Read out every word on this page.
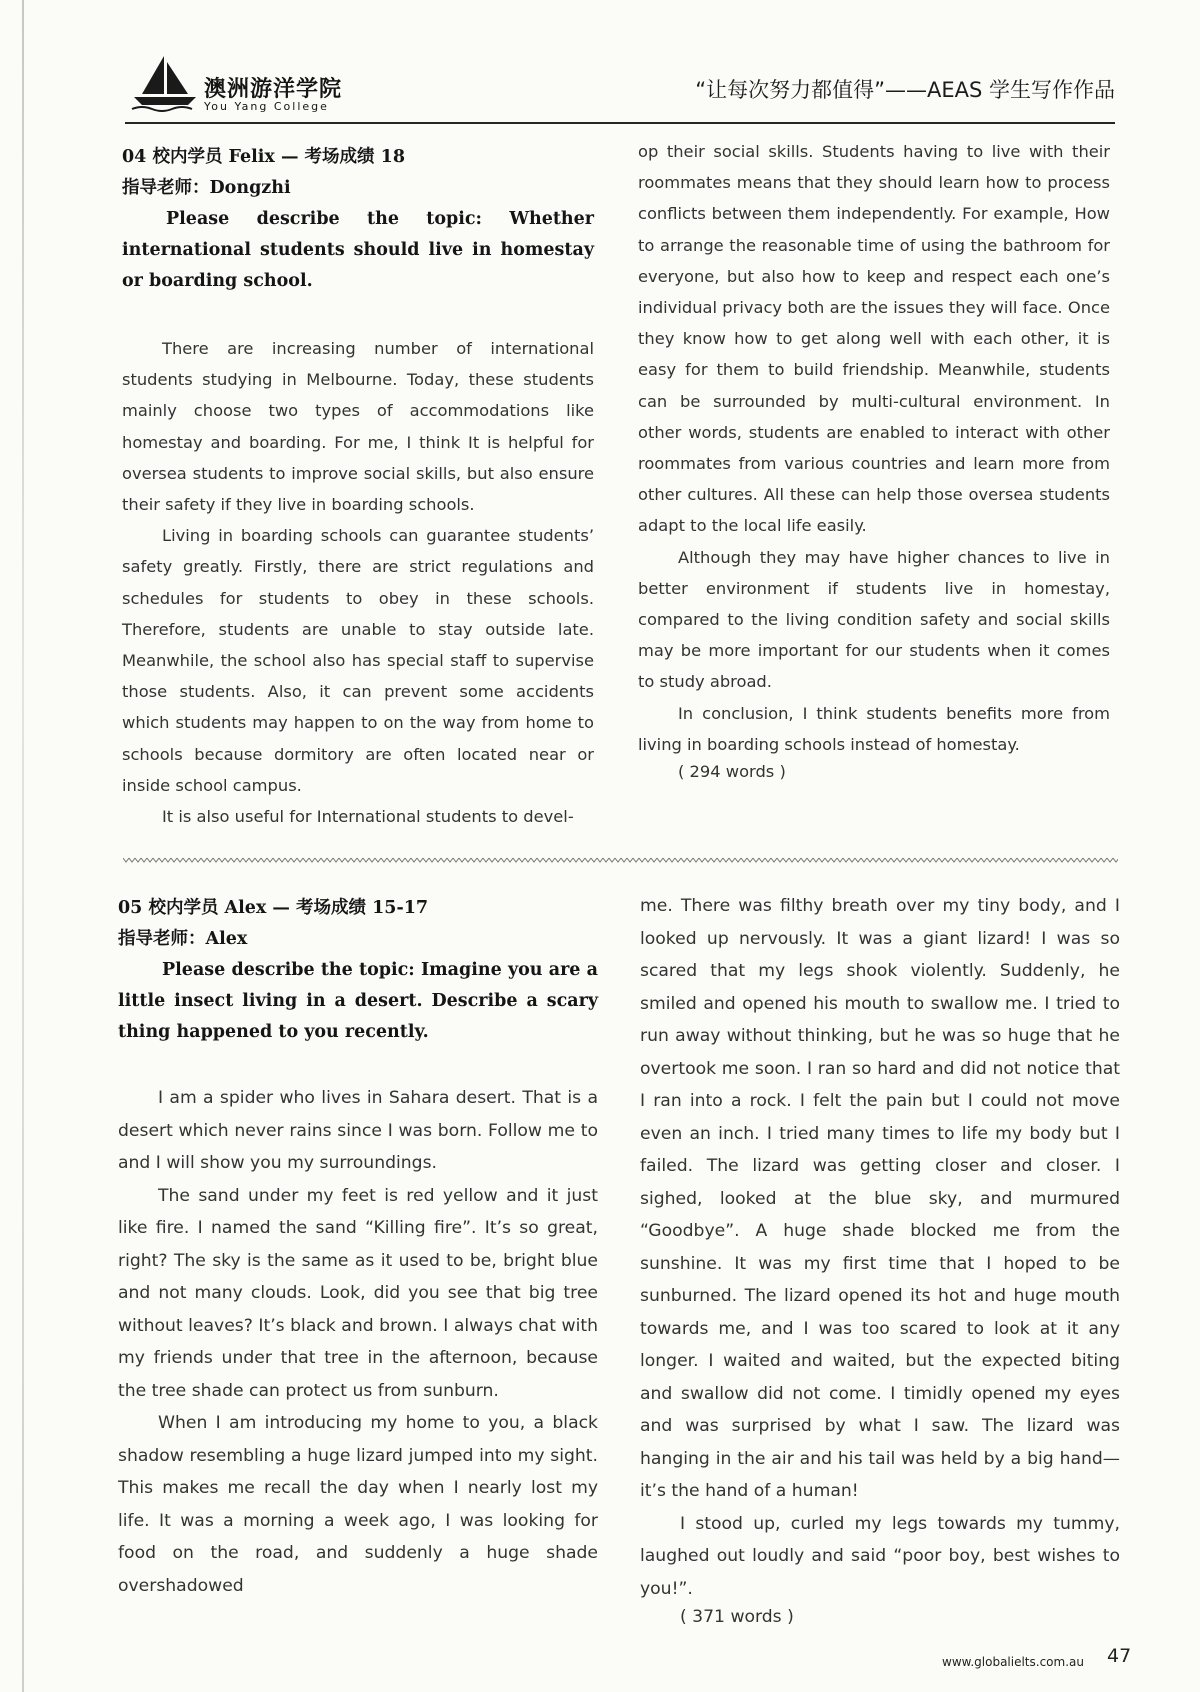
澳洲游洋学院
You Yang College
“让每次努力都值得”——AEAS 学生写作作品
04 校内学员 Felix — 考场成绩 18
指导老师：Dongzhi
Please describe the topic: Whether international students should live in homestay or boarding school.

There are increasing number of international students studying in Melbourne. Today, these students mainly choose two types of accommodations like homestay and boarding. For me, I think It is helpful for oversea students to improve social skills, but also ensure their safety if they live in boarding schools.

Living in boarding schools can guarantee students’ safety greatly. Firstly, there are strict regulations and schedules for students to obey in these schools. Therefore, students are unable to stay outside late. Meanwhile, the school also has special staff to supervise those students. Also, it can prevent some accidents which students may happen to on the way from home to schools because dormitory are often located near or inside school campus.

It is also useful for International students to devel-

op their social skills. Students having to live with their roommates means that they should learn how to process conflicts between them independently. For example, How to arrange the reasonable time of using the bathroom for everyone, but also how to keep and respect each one’s individual privacy both are the issues they will face. Once they know how to get along well with each other, it is easy for them to build friendship. Meanwhile, students can be surrounded by multi-cultural environment. In other words, students are enabled to interact with other roommates from various countries and learn more from other cultures. All these can help those oversea students adapt to the local life easily.

Although they may have higher chances to live in better environment if students live in homestay, compared to the living condition safety and social skills may be more important for our students when it comes to study abroad.

In conclusion, I think students benefits more from living in boarding schools instead of homestay.

( 294 words )
05 校内学员 Alex — 考场成绩 15-17
指导老师：Alex
Please describe the topic: Imagine you are a little insect living in a desert. Describe a scary thing happened to you recently.

I am a spider who lives in Sahara desert. That is a desert which never rains since I was born. Follow me to and I will show you my surroundings.

The sand under my feet is red yellow and it just like fire. I named the sand “Killing fire”. It’s so great, right? The sky is the same as it used to be, bright blue and not many clouds. Look, did you see that big tree without leaves? It’s black and brown. I always chat with my friends under that tree in the afternoon, because the tree shade can protect us from sunburn.

When I am introducing my home to you, a black shadow resembling a huge lizard jumped into my sight. This makes me recall the day when I nearly lost my life. It was a morning a week ago, I was looking for food on the road, and suddenly a huge shade overshadowed

me. There was filthy breath over my tiny body, and I looked up nervously. It was a giant lizard! I was so scared that my legs shook violently. Suddenly, he smiled and opened his mouth to swallow me. I tried to run away without thinking, but he was so huge that he overtook me soon. I ran so hard and did not notice that I ran into a rock. I felt the pain but I could not move even an inch. I tried many times to life my body but I failed. The lizard was getting closer and closer. I sighed, looked at the blue sky, and murmured “Goodbye”. A huge shade blocked me from the sunshine. It was my first time that I hoped to be sunburned. The lizard opened its hot and huge mouth towards me, and I was too scared to look at it any longer. I waited and waited, but the expected biting and swallow did not come. I timidly opened my eyes and was surprised by what I saw. The lizard was hanging in the air and his tail was held by a big hand—it’s the hand of a human!

I stood up, curled my legs towards my tummy, laughed out loudly and said “poor boy, best wishes to you!”.

( 371 words )
www.globalielts.com.au 47
